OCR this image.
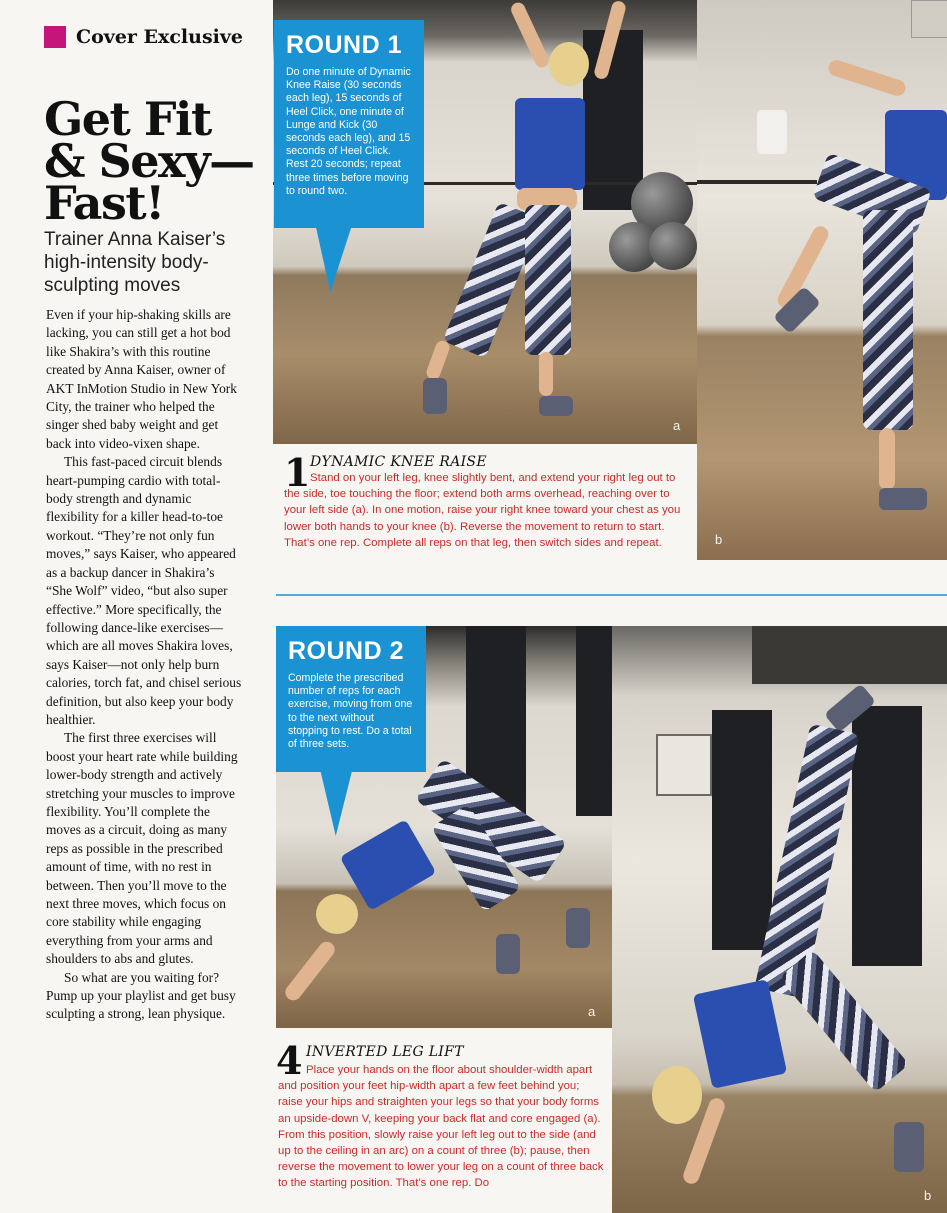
Cover Exclusive
Get Fit
& Sexy—
Fast!
Trainer Anna Kaiser’s high-intensity body-sculpting moves

Even if your hip-shaking skills are lacking, you can still get a hot bod like Shakira’s with this routine created by Anna Kaiser, owner of AKT InMotion Studio in New York City, the trainer who helped the singer shed baby weight and get back into video-vixen shape.

This fast-paced circuit blends heart-pumping cardio with total-body strength and dynamic flexibility for a killer head-to-toe workout. “They’re not only fun moves,” says Kaiser, who appeared as a backup dancer in Shakira’s “She Wolf” video, “but also super effective.” More specifically, the following dance-like exercises—which are all moves Shakira loves, says Kaiser—not only help burn calories, torch fat, and chisel serious definition, but also keep your body healthier.

The first three exercises will boost your heart rate while building lower-body strength and actively stretching your muscles to improve flexibility. You’ll complete the moves as a circuit, doing as many reps as possible in the prescribed amount of time, with no rest in between. Then you’ll move to the next three moves, which focus on core stability while engaging everything from your arms and shoulders to abs and glutes.

So what are you waiting for? Pump up your playlist and get busy sculpting a strong, lean physique.

a
b
ROUND 1
Do one minute of Dynamic Knee Raise (30 seconds each leg), 15 seconds of Heel Click, one minute of Lunge and Kick (30 seconds each leg), and 15 seconds of Heel Click. Rest 20 seconds; repeat three times before moving to round two.
1 DYNAMIC KNEE RAISE
Stand on your left leg, knee slightly bent, and extend your right leg out to the side, toe touching the floor; extend both arms overhead, reaching over to your left side (a). In one motion, raise your right knee toward your chest as you lower both hands to your knee (b). Reverse the movement to return to start. That’s one rep. Complete all reps on that leg, then switch sides and repeat.
a
b
ROUND 2
Complete the prescribed number of reps for each exercise, moving from one to the next without stopping to rest. Do a total of three sets.
4 INVERTED LEG LIFT
Place your hands on the floor about shoulder-width apart and position your feet hip-width apart a few feet behind you; raise your hips and straighten your legs so that your body forms an upside-down V, keeping your back flat and core engaged (a). From this position, slowly raise your left leg out to the side (and up to the ceiling in an arc) on a count of three (b); pause, then reverse the movement to lower your leg on a count of three back to the starting position. That’s one rep. Do
